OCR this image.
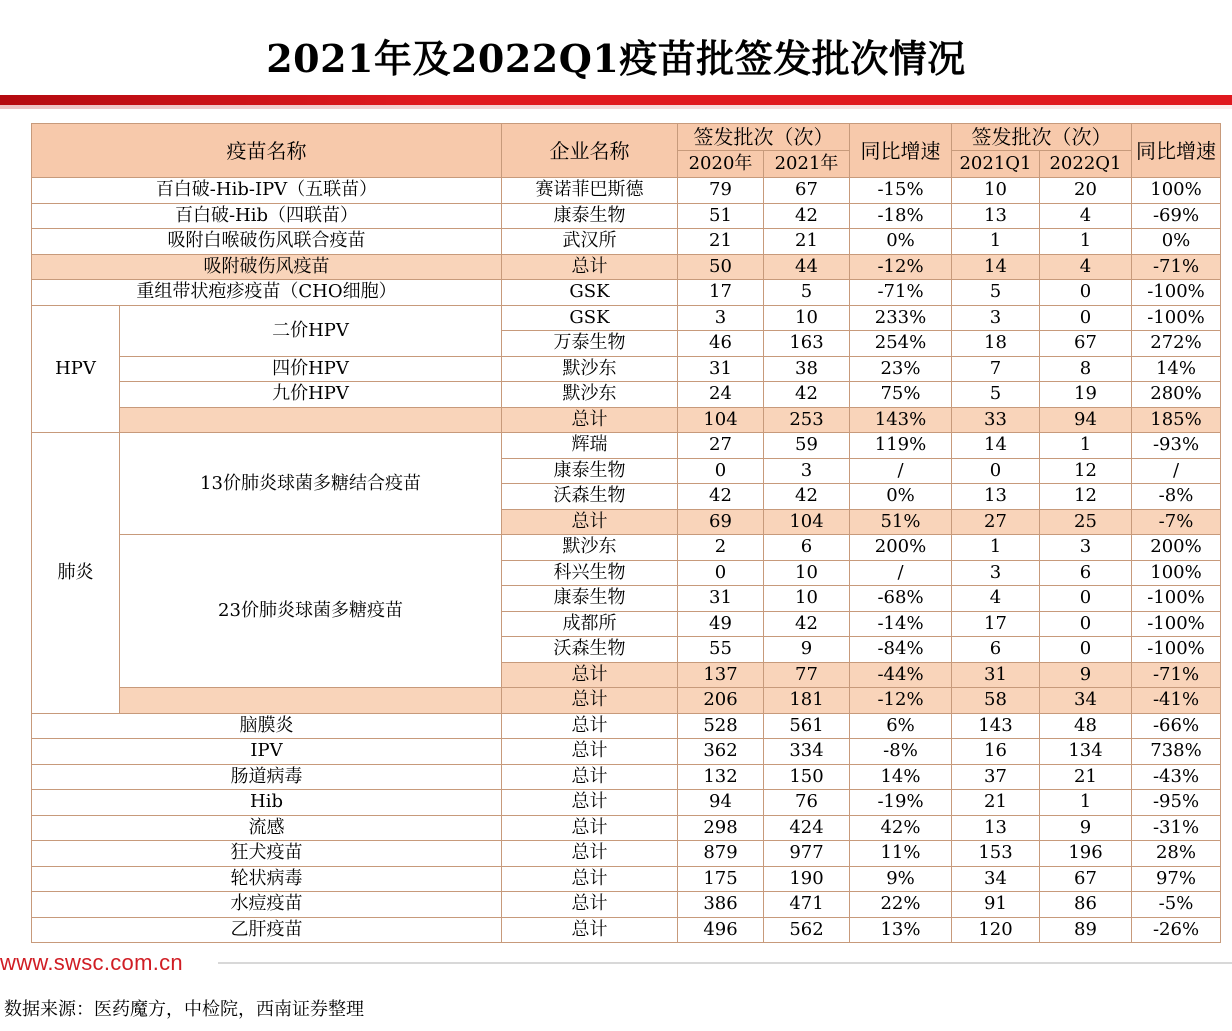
2021年及2022Q1疫苗批签发批次情况
疫苗名称		企业名称	签发批次（次）		同比增速	签发批次（次）		同比增速
			2020年	2021年		2021Q1	2022Q1	
百白破-Hib-IPV（五联苗）		赛诺菲巴斯德	79	67	-15%	10	20	100%
百白破-Hib（四联苗）		康泰生物	51	42	-18%	13	4	-69%
吸附白喉破伤风联合疫苗		武汉所	21	21	0%	1	1	0%
吸附破伤风疫苗		总计	50	44	-12%	14	4	-71%
重组带状疱疹疫苗（CHO细胞）		GSK	17	5	-71%	5	0	-100%
HPV	二价HPV	GSK	3	10	233%	3	0	-100%
		万泰生物	46	163	254%	18	67	272%
	四价HPV	默沙东	31	38	23%	7	8	14%
	九价HPV	默沙东	24	42	75%	5	19	280%
		总计	104	253	143%	33	94	185%
肺炎	13价肺炎球菌多糖结合疫苗	辉瑞	27	59	119%	14	1	-93%
		康泰生物	0	3	/	0	12	/
		沃森生物	42	42	0%	13	12	-8%
		总计	69	104	51%	27	25	-7%
	23价肺炎球菌多糖疫苗	默沙东	2	6	200%	1	3	200%
		科兴生物	0	10	/	3	6	100%
		康泰生物	31	10	-68%	4	0	-100%
		成都所	49	42	-14%	17	0	-100%
		沃森生物	55	9	-84%	6	0	-100%
		总计	137	77	-44%	31	9	-71%
		总计	206	181	-12%	58	34	-41%
脑膜炎		总计	528	561	6%	143	48	-66%
IPV		总计	362	334	-8%	16	134	738%
肠道病毒		总计	132	150	14%	37	21	-43%
Hib		总计	94	76	-19%	21	1	-95%
流感		总计	298	424	42%	13	9	-31%
狂犬疫苗		总计	879	977	11%	153	196	28%
轮状病毒		总计	175	190	9%	34	67	97%
水痘疫苗		总计	386	471	22%	91	86	-5%
乙肝疫苗		总计	496	562	13%	120	89	-26%
www.swsc.com.cn
数据来源：医药魔方，中检院，西南证券整理
